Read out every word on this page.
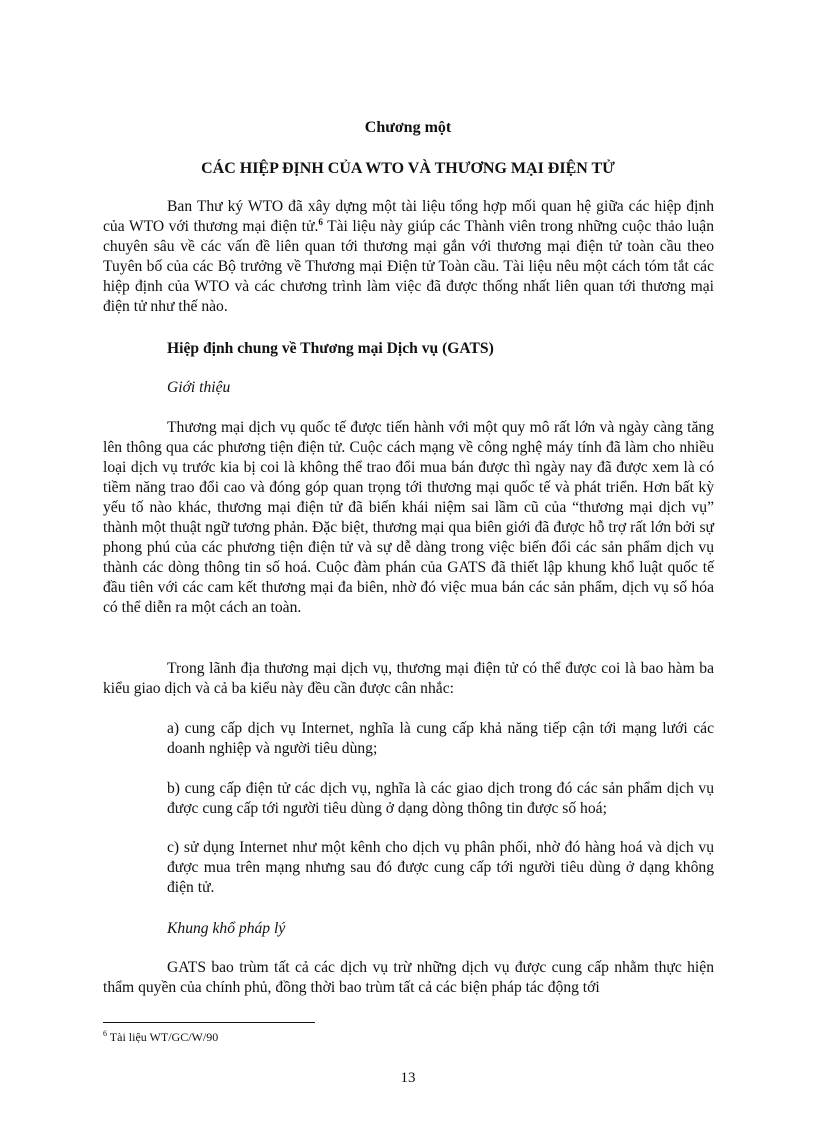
Chương một
CÁC HIỆP ĐỊNH CỦA WTO VÀ THƯƠNG MẠI ĐIỆN TỬ

Ban Thư ký WTO đã xây dựng một tài liệu tổng hợp mối quan hệ giữa các hiệp định của WTO với thương mại điện tử.$^6$ Tài liệu này giúp các Thành viên trong những cuộc thảo luận chuyên sâu về các vấn đề liên quan tới thương mại gắn với thương mại điện tử toàn cầu theo Tuyên bố của các Bộ trưởng về Thương mại Điện tử Toàn cầu. Tài liệu nêu một cách tóm tắt các hiệp định của WTO và các chương trình làm việc đã được thống nhất liên quan tới thương mại điện tử như thế nào.

Hiệp định chung về Thương mại Dịch vụ (GATS)

Giới thiệu

Thương mại dịch vụ quốc tế được tiến hành với một quy mô rất lớn và ngày càng tăng lên thông qua các phương tiện điện tử. Cuộc cách mạng về công nghệ máy tính đã làm cho nhiều loại dịch vụ trước kia bị coi là không thể trao đổi mua bán được thì ngày nay đã được xem là có tiềm năng trao đổi cao và đóng góp quan trọng tới thương mại quốc tế và phát triển. Hơn bất kỳ yếu tố nào khác, thương mại điện tử đã biến khái niệm sai lầm cũ của “thương mại dịch vụ” thành một thuật ngữ tương phản. Đặc biệt, thương mại qua biên giới đã được hỗ trợ rất lớn bởi sự phong phú của các phương tiện điện tử và sự dễ dàng trong việc biến đổi các sản phẩm dịch vụ thành các dòng thông tin số hoá. Cuộc đàm phán của GATS đã thiết lập khung khổ luật quốc tế đầu tiên với các cam kết thương mại đa biên, nhờ đó việc mua bán các sản phẩm, dịch vụ số hóa có thể diễn ra một cách an toàn.

Trong lãnh địa thương mại dịch vụ, thương mại điện tử có thể được coi là bao hàm ba kiểu giao dịch và cả ba kiểu này đều cần được cân nhắc:

a) cung cấp dịch vụ Internet, nghĩa là cung cấp khả năng tiếp cận tới mạng lưới các doanh nghiệp và người tiêu dùng;

b) cung cấp điện tử các dịch vụ, nghĩa là các giao dịch trong đó các sản phẩm dịch vụ được cung cấp tới người tiêu dùng ở dạng dòng thông tin được số hoá;

c) sử dụng Internet như một kênh cho dịch vụ phân phối, nhờ đó hàng hoá và dịch vụ được mua trên mạng nhưng sau đó được cung cấp tới người tiêu dùng ở dạng không điện tử.

Khung khổ pháp lý

GATS bao trùm tất cả các dịch vụ trừ những dịch vụ được cung cấp nhằm thực hiện thẩm quyền của chính phủ, đồng thời bao trùm tất cả các biện pháp tác động tới

$^6$ Tài liệu WT/GC/W/90
13
